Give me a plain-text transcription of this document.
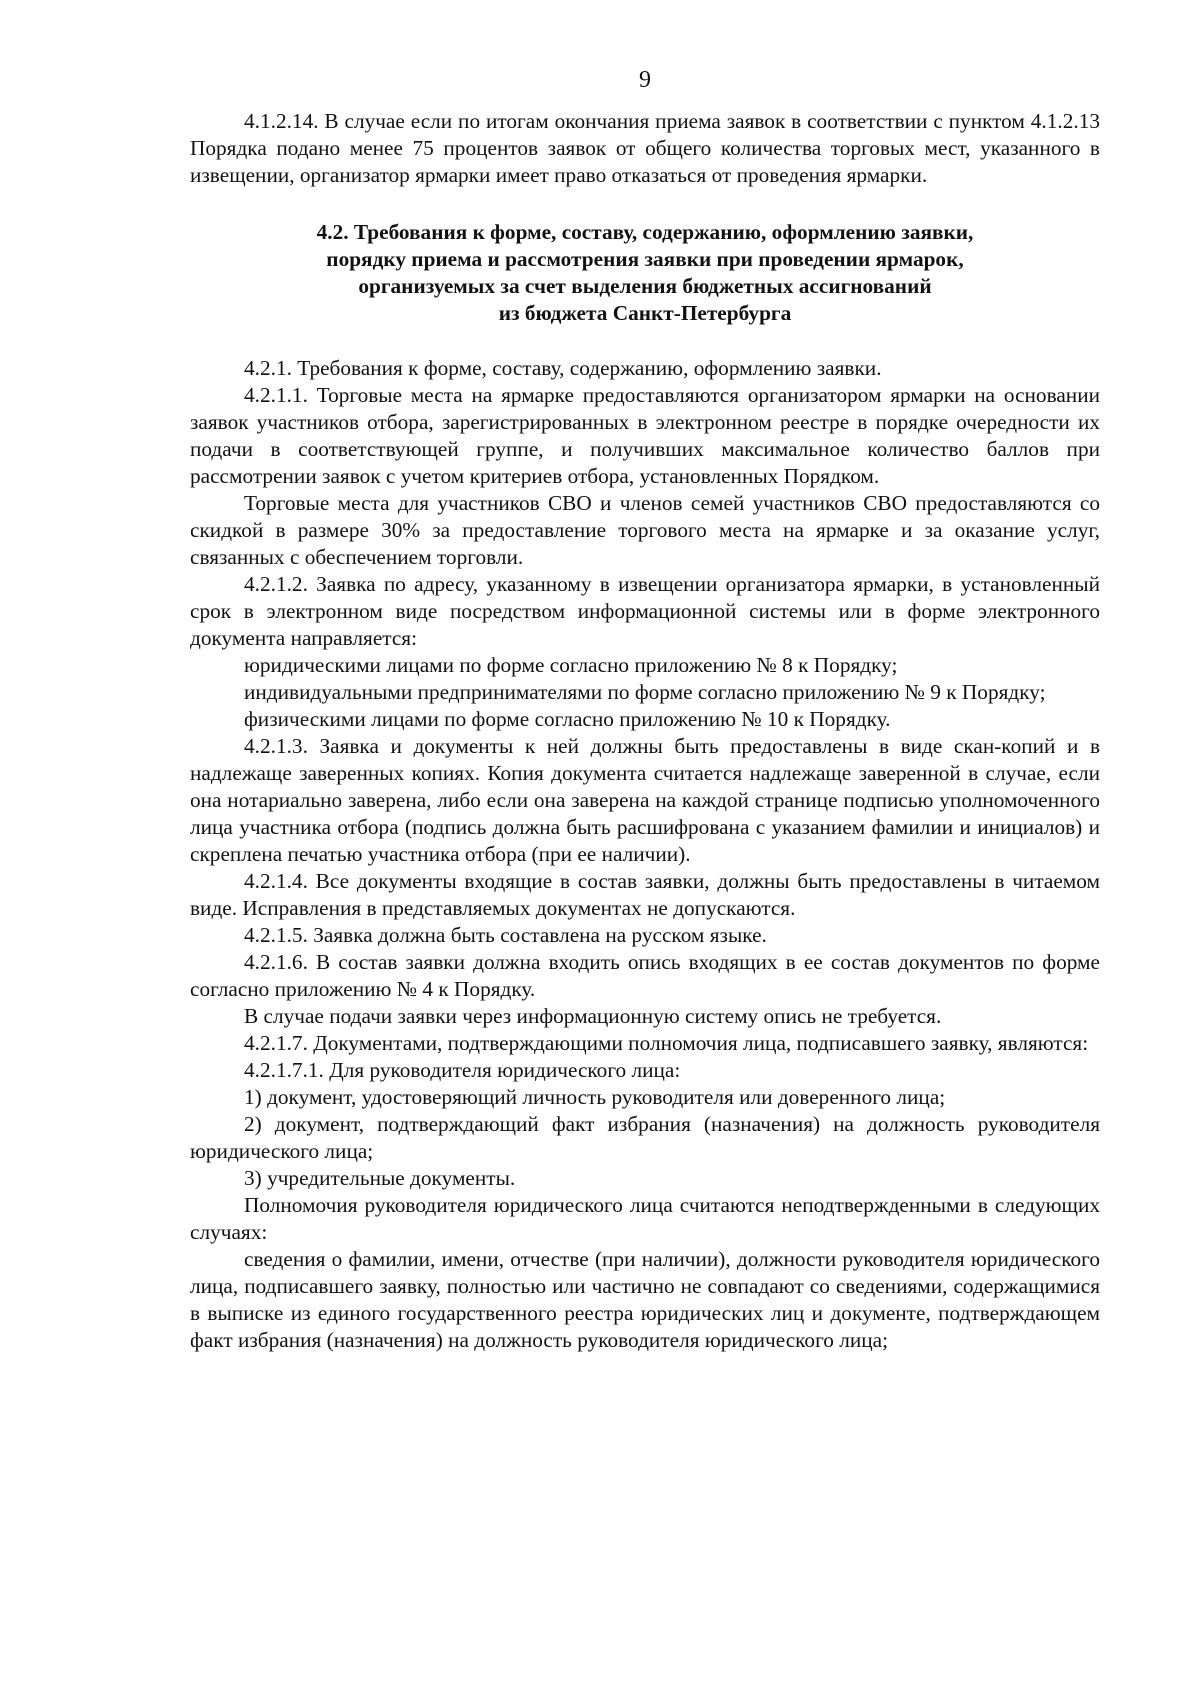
9

4.1.2.14. В случае если по итогам окончания приема заявок в соответствии с пунктом 4.1.2.13 Порядка подано менее 75 процентов заявок от общего количества торговых мест, указанного в извещении, организатор ярмарки имеет право отказаться от проведения ярмарки.

4.2. Требования к форме, составу, содержанию, оформлению заявки,
порядку приема и рассмотрения заявки при проведении ярмарок,
организуемых за счет выделения бюджетных ассигнований
из бюджета Санкт-Петербурга

4.2.1. Требования к форме, составу, содержанию, оформлению заявки.

4.2.1.1. Торговые места на ярмарке предоставляются организатором ярмарки на основании заявок участников отбора, зарегистрированных в электронном реестре в порядке очередности их подачи в соответствующей группе, и получивших максимальное количество баллов при рассмотрении заявок с учетом критериев отбора, установленных Порядком.

Торговые места для участников СВО и членов семей участников СВО предоставляются со скидкой в размере 30% за предоставление торгового места на ярмарке и за оказание услуг, связанных с обеспечением торговли.

4.2.1.2. Заявка по адресу, указанному в извещении организатора ярмарки, в установленный срок в электронном виде посредством информационной системы или в форме электронного документа направляется:

юридическими лицами по форме согласно приложению № 8 к Порядку;

индивидуальными предпринимателями по форме согласно приложению № 9 к Порядку;

физическими лицами по форме согласно приложению № 10 к Порядку.

4.2.1.3. Заявка и документы к ней должны быть предоставлены в виде скан-копий и в надлежаще заверенных копиях. Копия документа считается надлежаще заверенной в случае, если она нотариально заверена, либо если она заверена на каждой странице подписью уполномоченного лица участника отбора (подпись должна быть расшифрована с указанием фамилии и инициалов) и скреплена печатью участника отбора (при ее наличии).

4.2.1.4. Все документы входящие в состав заявки, должны быть предоставлены в читаемом виде. Исправления в представляемых документах не допускаются.

4.2.1.5. Заявка должна быть составлена на русском языке.

4.2.1.6. В состав заявки должна входить опись входящих в ее состав документов по форме согласно приложению № 4 к Порядку.

В случае подачи заявки через информационную систему опись не требуется.

4.2.1.7. Документами, подтверждающими полномочия лица, подписавшего заявку, являются:

4.2.1.7.1. Для руководителя юридического лица:

1) документ, удостоверяющий личность руководителя или доверенного лица;

2) документ, подтверждающий факт избрания (назначения) на должность руководителя юридического лица;

3) учредительные документы.

Полномочия руководителя юридического лица считаются неподтвержденными в следующих случаях:

сведения о фамилии, имени, отчестве (при наличии), должности руководителя юридического лица, подписавшего заявку, полностью или частично не совпадают со сведениями, содержащимися в выписке из единого государственного реестра юридических лиц и документе, подтверждающем факт избрания (назначения) на должность руководителя юридического лица;
